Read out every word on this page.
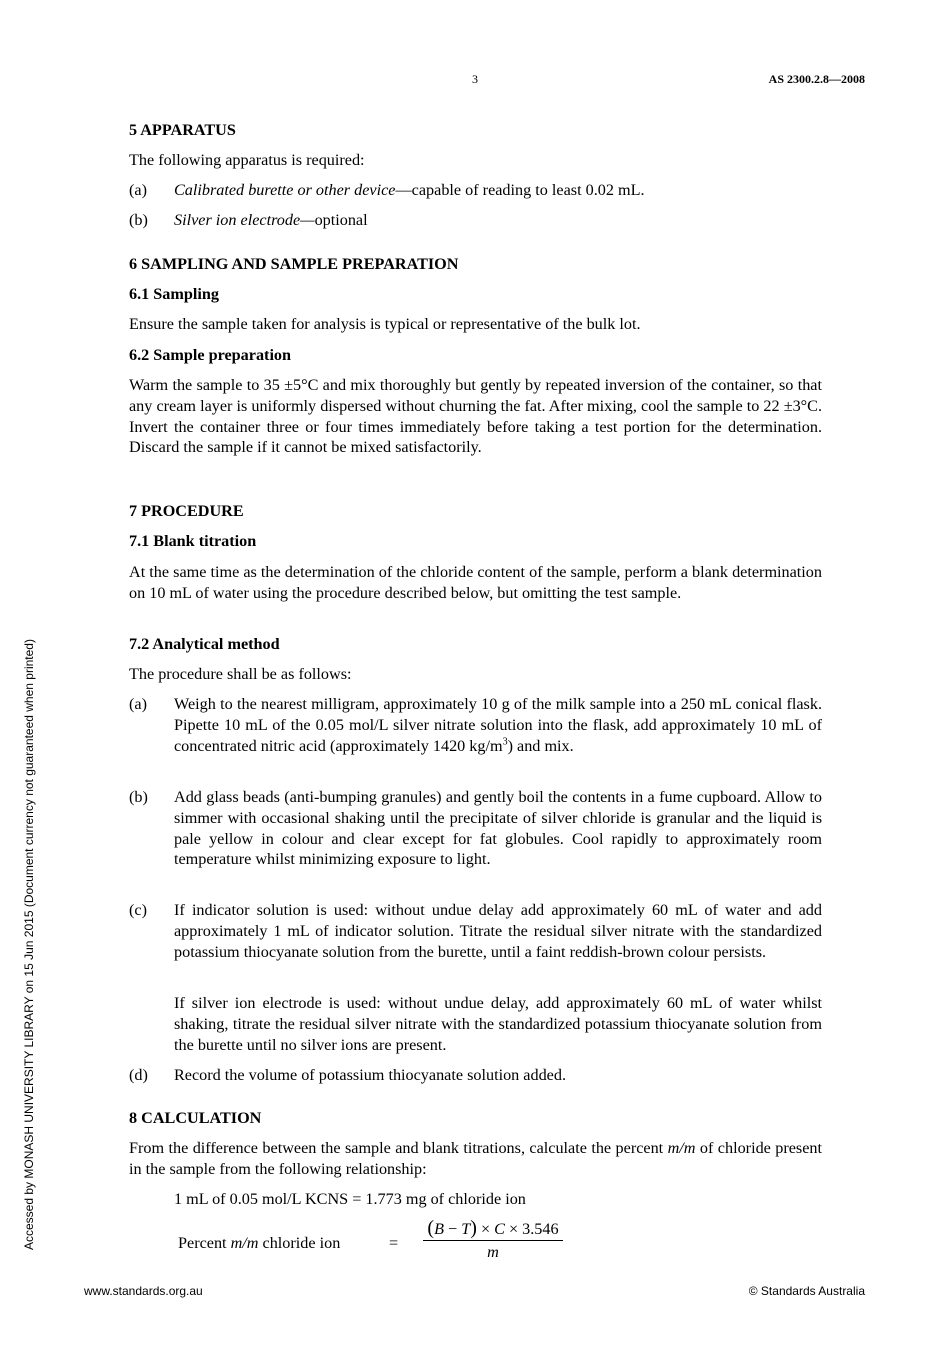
3	AS 2300.2.8—2008
5 APPARATUS
The following apparatus is required:
(a) Calibrated burette or other device—capable of reading to least 0.02 mL.
(b) Silver ion electrode—optional
6 SAMPLING AND SAMPLE PREPARATION
6.1 Sampling
Ensure the sample taken for analysis is typical or representative of the bulk lot.
6.2 Sample preparation
Warm the sample to 35 ±5°C and mix thoroughly but gently by repeated inversion of the container, so that any cream layer is uniformly dispersed without churning the fat. After mixing, cool the sample to 22 ±3°C. Invert the container three or four times immediately before taking a test portion for the determination. Discard the sample if it cannot be mixed satisfactorily.
7 PROCEDURE
7.1 Blank titration
At the same time as the determination of the chloride content of the sample, perform a blank determination on 10 mL of water using the procedure described below, but omitting the test sample.
7.2 Analytical method
The procedure shall be as follows:
(a) Weigh to the nearest milligram, approximately 10 g of the milk sample into a 250 mL conical flask. Pipette 10 mL of the 0.05 mol/L silver nitrate solution into the flask, add approximately 10 mL of concentrated nitric acid (approximately 1420 $kg/m^3$) and mix.
(b) Add glass beads (anti-bumping granules) and gently boil the contents in a fume cupboard. Allow to simmer with occasional shaking until the precipitate of silver chloride is granular and the liquid is pale yellow in colour and clear except for fat globules. Cool rapidly to approximately room temperature whilst minimizing exposure to light.
(c) If indicator solution is used: without undue delay add approximately 60 mL of water and add approximately 1 mL of indicator solution. Titrate the residual silver nitrate with the standardized potassium thiocyanate solution from the burette, until a faint reddish-brown colour persists.
If silver ion electrode is used: without undue delay, add approximately 60 mL of water whilst shaking, titrate the residual silver nitrate with the standardized potassium thiocyanate solution from the burette until no silver ions are present.
(d) Record the volume of potassium thiocyanate solution added.
8 CALCULATION
From the difference between the sample and blank titrations, calculate the percent m/m of chloride present in the sample from the following relationship:
1 mL of 0.05 mol/L KCNS = 1.773 mg of chloride ion
Percent m/m chloride ion	=
(B − T) × C × 3.546
m
Accessed by MONASH UNIVERSITY LIBRARY on 15 Jun 2015 (Document currency not guaranteed when printed)
www.standards.org.au	© Standards Australia
